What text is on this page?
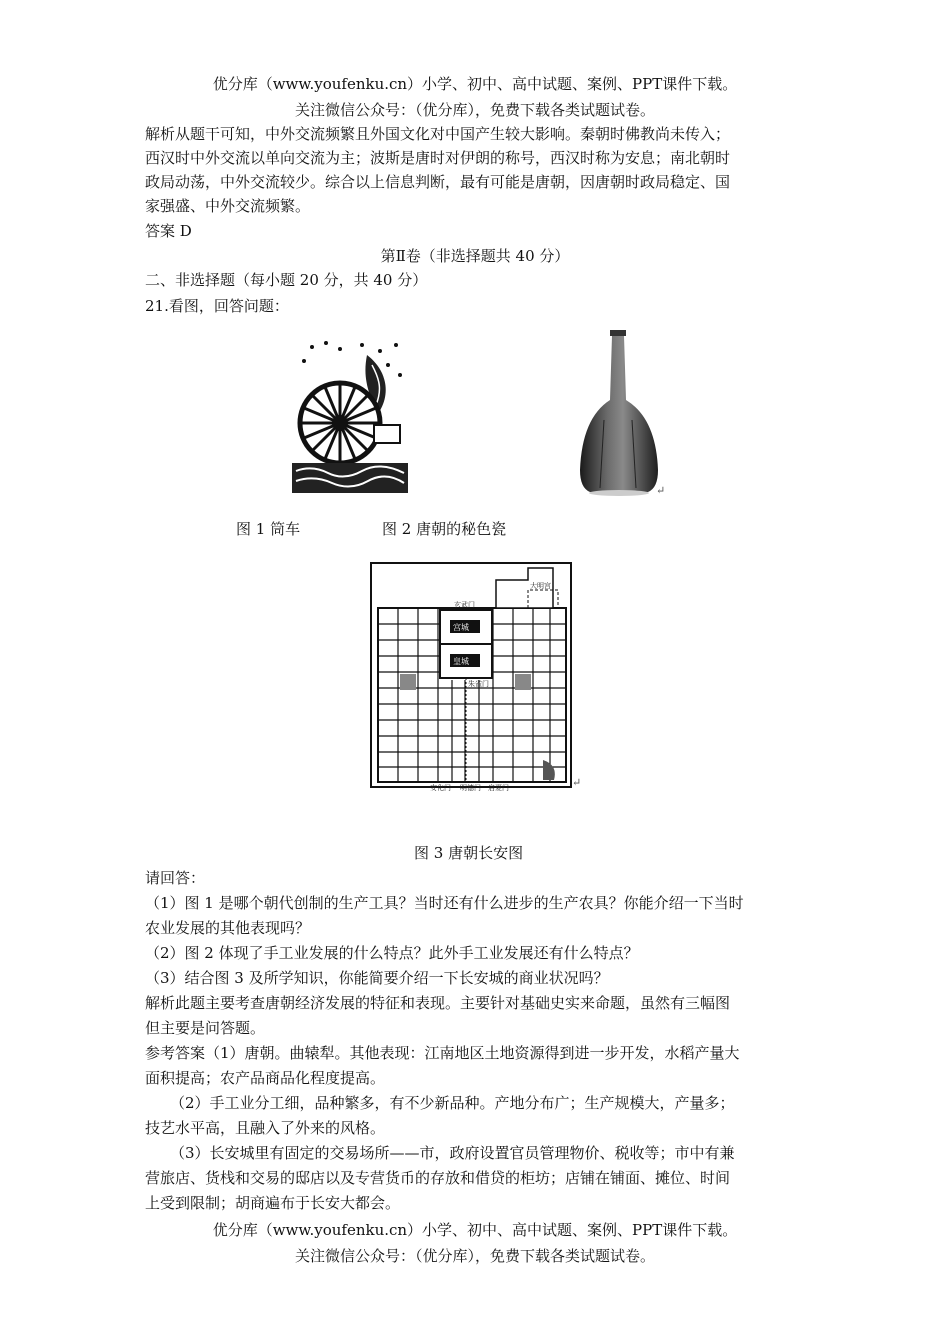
优分库（www.youfenku.cn）小学、初中、高中试题、案例、PPT课件下载。
关注微信公众号：（优分库），免费下载各类试题试卷。
解析从题干可知，中外交流频繁且外国文化对中国产生较大影响。秦朝时佛教尚未传入；
西汉时中外交流以单向交流为主；波斯是唐时对伊朗的称号，西汉时称为安息；南北朝时
政局动荡，中外交流较少。综合以上信息判断，最有可能是唐朝，因唐朝时政局稳定、国
家强盛、中外交流频繁。
答案 D
第Ⅱ卷（非选择题共 40 分）
二、非选择题（每小题 20 分，共 40 分）
21.看图，回答问题：
↵
图 1 筒车	图 2 唐朝的秘色瓷
宫城
皇城
大明宫
玄武门
朱雀门
安化门 明德门 启夏门	↵
图 3 唐朝长安图
请回答：
（1）图 1 是哪个朝代创制的生产工具？当时还有什么进步的生产农具？你能介绍一下当时
农业发展的其他表现吗？
（2）图 2 体现了手工业发展的什么特点？此外手工业发展还有什么特点？
（3）结合图 3 及所学知识，你能简要介绍一下长安城的商业状况吗？
解析此题主要考查唐朝经济发展的特征和表现。主要针对基础史实来命题，虽然有三幅图
但主要是问答题。
参考答案（1）唐朝。曲辕犁。其他表现：江南地区土地资源得到进一步开发，水稻产量大
面积提高；农产品商品化程度提高。
（2）手工业分工细，品种繁多，有不少新品种。产地分布广；生产规模大，产量多；
技艺水平高，且融入了外来的风格。
（3）长安城里有固定的交易场所——市，政府设置官员管理物价、税收等；市中有兼
营旅店、货栈和交易的邸店以及专营货币的存放和借贷的柜坊；店铺在铺面、摊位、时间
上受到限制；胡商遍布于长安大都会。
优分库（www.youfenku.cn）小学、初中、高中试题、案例、PPT课件下载。
关注微信公众号：（优分库），免费下载各类试题试卷。
